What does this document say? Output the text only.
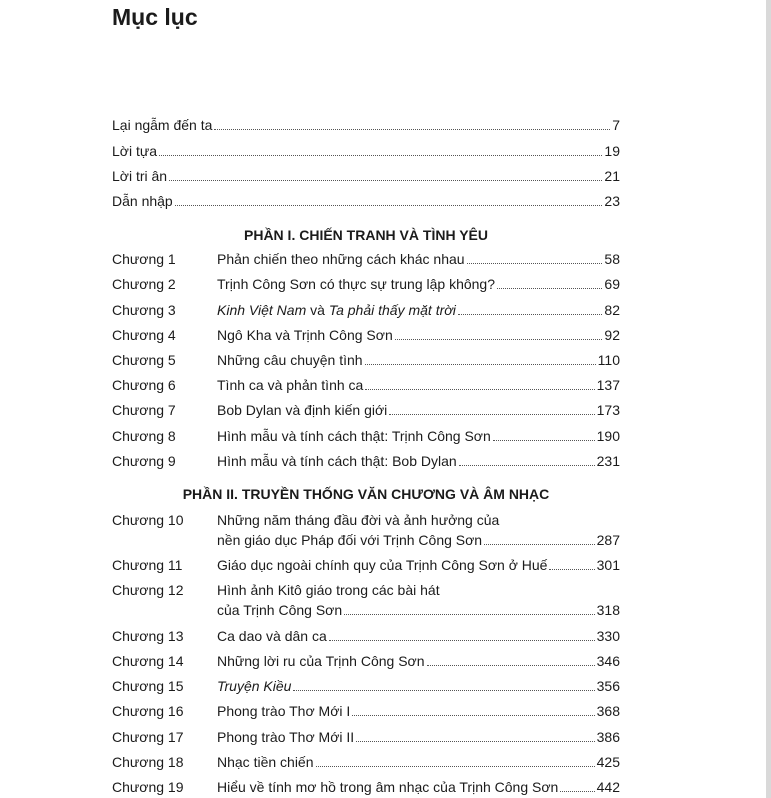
Mục lục
Lại ngẫm đến ta	7
Lời tựa	19
Lời tri ân	21
Dẫn nhập	23
PHẦN I. CHIẾN TRANH VÀ TÌNH YÊU
Chương 1	Phản chiến theo những cách khác nhau	58
Chương 2	Trịnh Công Sơn có thực sự trung lập không?	69
Chương 3	Kinh Việt Nam và Ta phải thấy mặt trời	82
Chương 4	Ngô Kha và Trịnh Công Sơn	92
Chương 5	Những câu chuyện tình	110
Chương 6	Tình ca và phản tình ca	137
Chương 7	Bob Dylan và định kiến giới	173
Chương 8	Hình mẫu và tính cách thật: Trịnh Công Sơn	190
Chương 9	Hình mẫu và tính cách thật: Bob Dylan	231
PHẦN II. TRUYỀN THỐNG VĂN CHƯƠNG VÀ ÂM NHẠC
Chương 10 Những năm tháng đầu đời và ảnh hưởng của
nền giáo dục Pháp đối với Trịnh Công Sơn	287
Chương 11	Giáo dục ngoài chính quy của Trịnh Công Sơn ở Huế	301
Chương 12 Hình ảnh Kitô giáo trong các bài hát
của Trịnh Công Sơn	318
Chương 13	Ca dao và dân ca	330
Chương 14	Những lời ru của Trịnh Công Sơn	346
Chương 15	Truyện Kiều	356
Chương 16	Phong trào Thơ Mới I	368
Chương 17	Phong trào Thơ Mới II	386
Chương 18	Nhạc tiền chiến	425
Chương 19	Hiểu về tính mơ hồ trong âm nhạc của Trịnh Công Sơn	442
